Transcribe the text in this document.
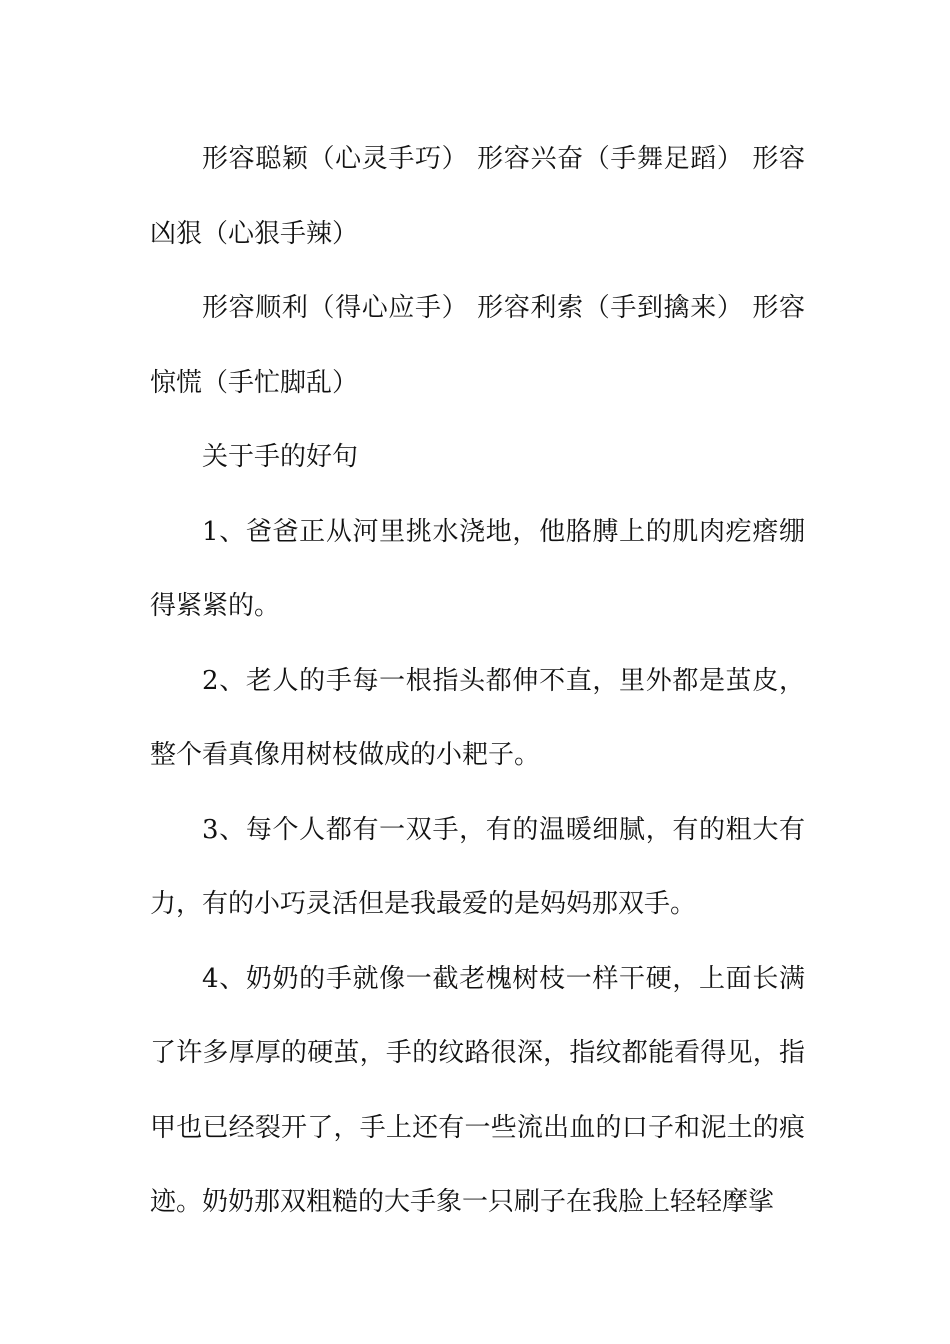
形容聪颖（心灵手巧） 形容兴奋（手舞足蹈） 形容凶狠（心狠手辣）

形容顺利（得心应手） 形容利索（手到擒来） 形容惊慌（手忙脚乱）

关于手的好句

1、爸爸正从河里挑水浇地，他胳膊上的肌肉疙瘩绷得紧紧的。

2、老人的手每一根指头都伸不直，里外都是茧皮，整个看真像用树枝做成的小耙子。

3、每个人都有一双手，有的温暖细腻，有的粗大有力，有的小巧灵活但是我最爱的是妈妈那双手。

4、奶奶的手就像一截老槐树枝一样干硬，上面长满了许多厚厚的硬茧，手的纹路很深，指纹都能看得见，指甲也已经裂开了，手上还有一些流出血的口子和泥土的痕迹。奶奶那双粗糙的大手象一只刷子在我脸上轻轻摩挲
